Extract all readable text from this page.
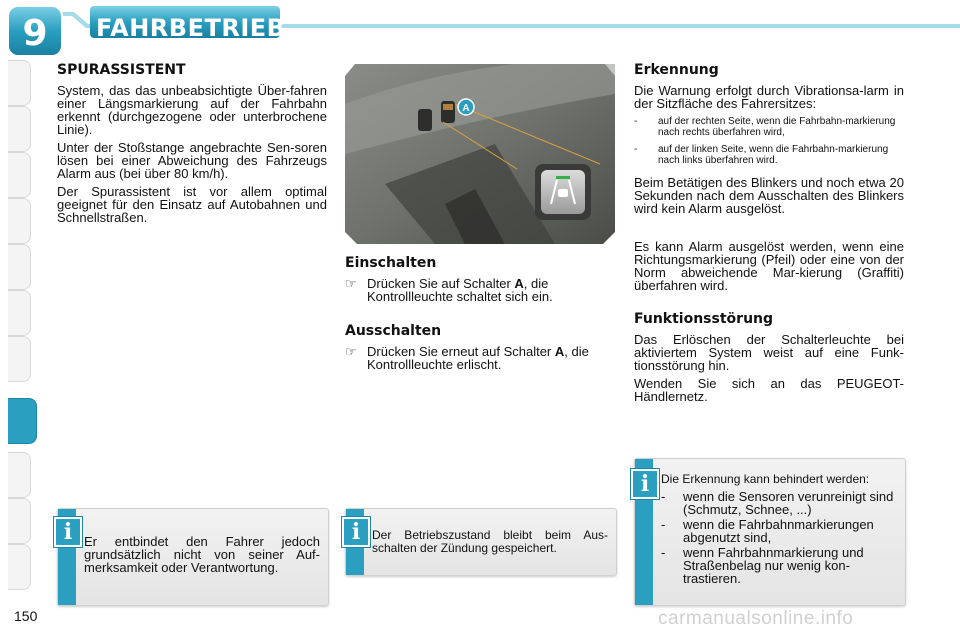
9	FAHRBETRIEB
SPURASSISTENT

System, das das unbeabsichtigte Über-fahren einer Längsmarkierung auf der Fahrbahn erkennt (durchgezogene oder unterbrochene Linie).

Unter der Stoßstange angebrachte Sen-soren lösen bei einer Abweichung des Fahrzeugs Alarm aus (bei über 80 km/h).

Der Spurassistent ist vor allem optimal geeignet für den Einsatz auf Autobahnen und Schnellstraßen.

A
Einschalten
☞ Drücken Sie auf Schalter A, die Kontrollleuchte schaltet sich ein.
Ausschalten
☞ Drücken Sie erneut auf Schalter A, die Kontrollleuchte erlischt.
Erkennung

Die Warnung erfolgt durch Vibrationsa-larm in der Sitzfläche des Fahrersitzes:

-	auf der rechten Seite, wenn die Fahrbahn-markierung nach rechts überfahren wird,
-	auf der linken Seite, wenn die Fahrbahn-markierung nach links überfahren wird.

Beim Betätigen des Blinkers und noch etwa 20 Sekunden nach dem Ausschalten des Blinkers wird kein Alarm ausgelöst.

Es kann Alarm ausgelöst werden, wenn eine Richtungsmarkierung (Pfeil) oder eine von der Norm abweichende Mar-kierung (Graffiti) überfahren wird.

Funktionsstörung

Das Erlöschen der Schalterleuchte bei aktiviertem System weist auf eine Funk-tionsstörung hin.

Wenden Sie sich an das PEUGEOT-Händlernetz.

i Er entbindet den Fahrer jedoch grundsätzlich nicht von seiner Auf-merksamkeit oder Verantwortung.
i Der Betriebszustand bleibt beim Aus-schalten der Zündung gespeichert.
i Die Erkennung kann behindert werden:
-	wenn die Sensoren verunreinigt sind (Schmutz, Schnee, ...)
-	wenn die Fahrbahnmarkierungen abgenutzt sind,
-	wenn Fahrbahnmarkierung und Straßenbelag nur wenig kon-trastieren.
150	carmanualsonline.info
